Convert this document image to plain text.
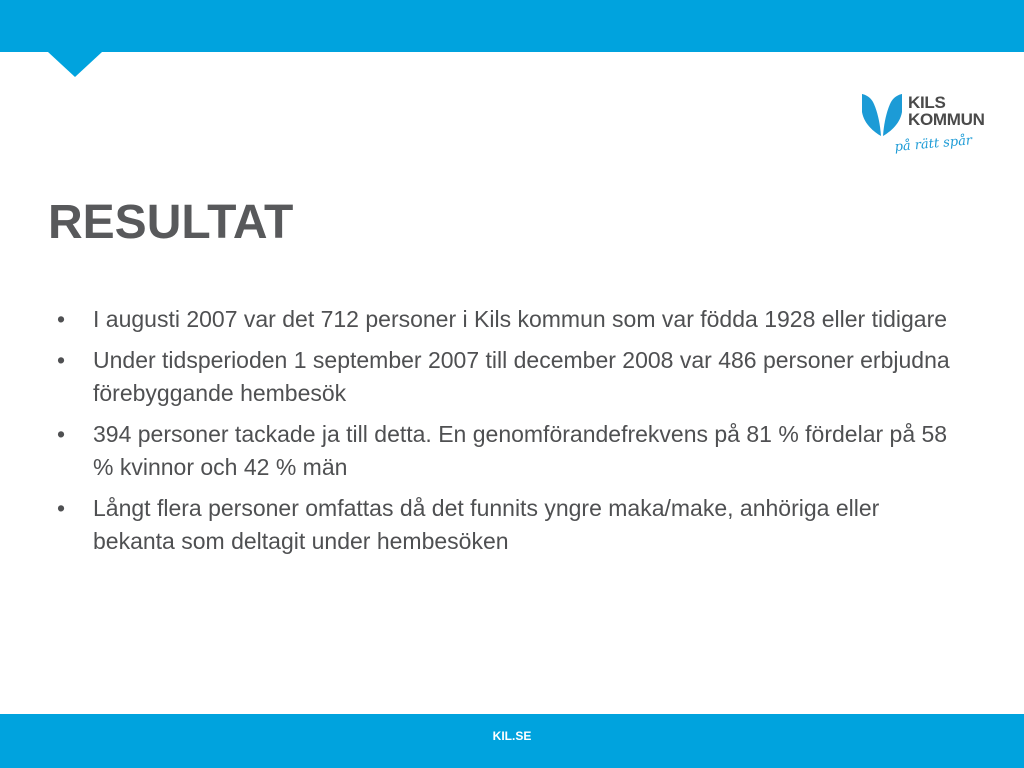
KILS
KOMMUN
på rätt spår
RESULTAT
• I augusti 2007 var det 712 personer i Kils kommun som var födda 1928 eller tidigare
• Under tidsperioden 1 september 2007 till december 2008 var 486 personer erbjudna förebyggande hembesök
• 394 personer tackade ja till detta. En genomförandefrekvens på 81 % fördelar på 58 % kvinnor och 42 % män
• Långt flera personer omfattas då det funnits yngre maka/make, anhöriga eller bekanta som deltagit under hembesöken
KIL.SE
